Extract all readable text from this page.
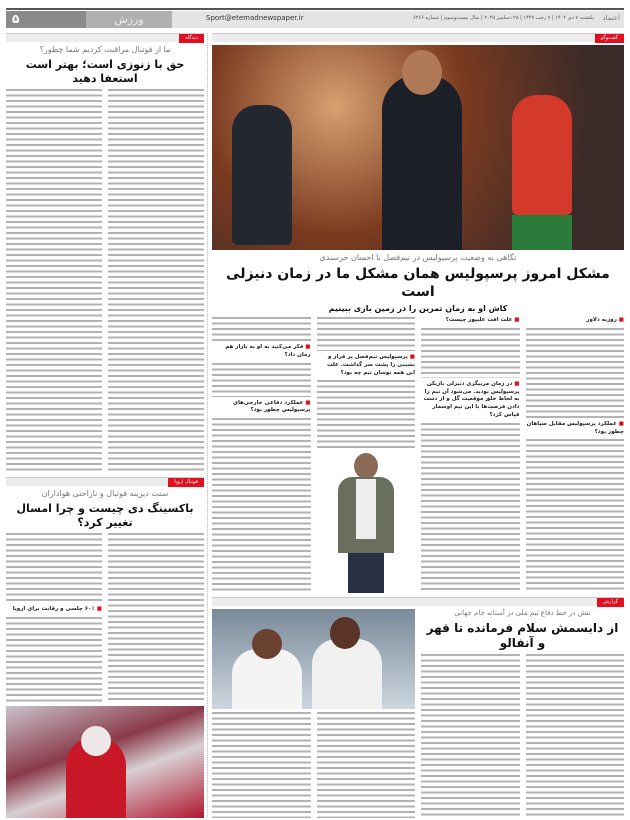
۵	ورزش	Sport@etemadnewspaper.ir	یکشنبه ۷ دی ۱۴۰۴ | ۷ رجب ۱۴۴۷ | ۲۸ دسامبر ۲۰۲۵ | سال بیست‌وسوم | شماره ۶۲۶۶ اعتماد
دیدگاه
ما از فوتبال مراقبت کردیم شما چطور؟
حق با زنوزی است؛ بهتر است استعفا دهید
فوتبال اروپا
سنت دیرینه فوتبال و ناراحتی هواداران
باکسینگ دی چیست و چرا امسال تغییر کرد؟
■ ۶۰٪ چلسی و رقابت برای اروپا
گفت‌وگو
نگاهی به وضعیت پرسپولیس در نیم‌فصل با احسان خرسندی
مشکل امروز پرسپولیس همان مشکل ما در زمان دنیزلی است
کاش او به زمان تمرین را در زمین بازی ببینیم
■ روزبه دلاور
■ عملکرد پرسپولیس مقابل سپاهان چطور بود؟
■ علت افت علیپور چیست؟
■ در زمان مربیگری دنیزلی بازیکن پرسپولیس بودید. می‌شود آن تیم را به لحاظ خلق موقعیت گل و از دست دادن فرصت‌ها با این تیم اوسمار قیاس کرد؟
■ پرسپولیس نیم‌فصل پر فراز و نشیبی را پشت سر گذاشت. علت این همه نوسان تیم چه بود؟
■ فکر می‌کنید به او به بازار هم زمان داد؟
■ عملکرد دفاعی خارجی‌های پرسپولیس چطور بود؟
گزارش
تنش در خط دفاع تیم ملی در آستانه جام جهانی
از دابسمش سلام فرمانده تا قهر و آنفالو
